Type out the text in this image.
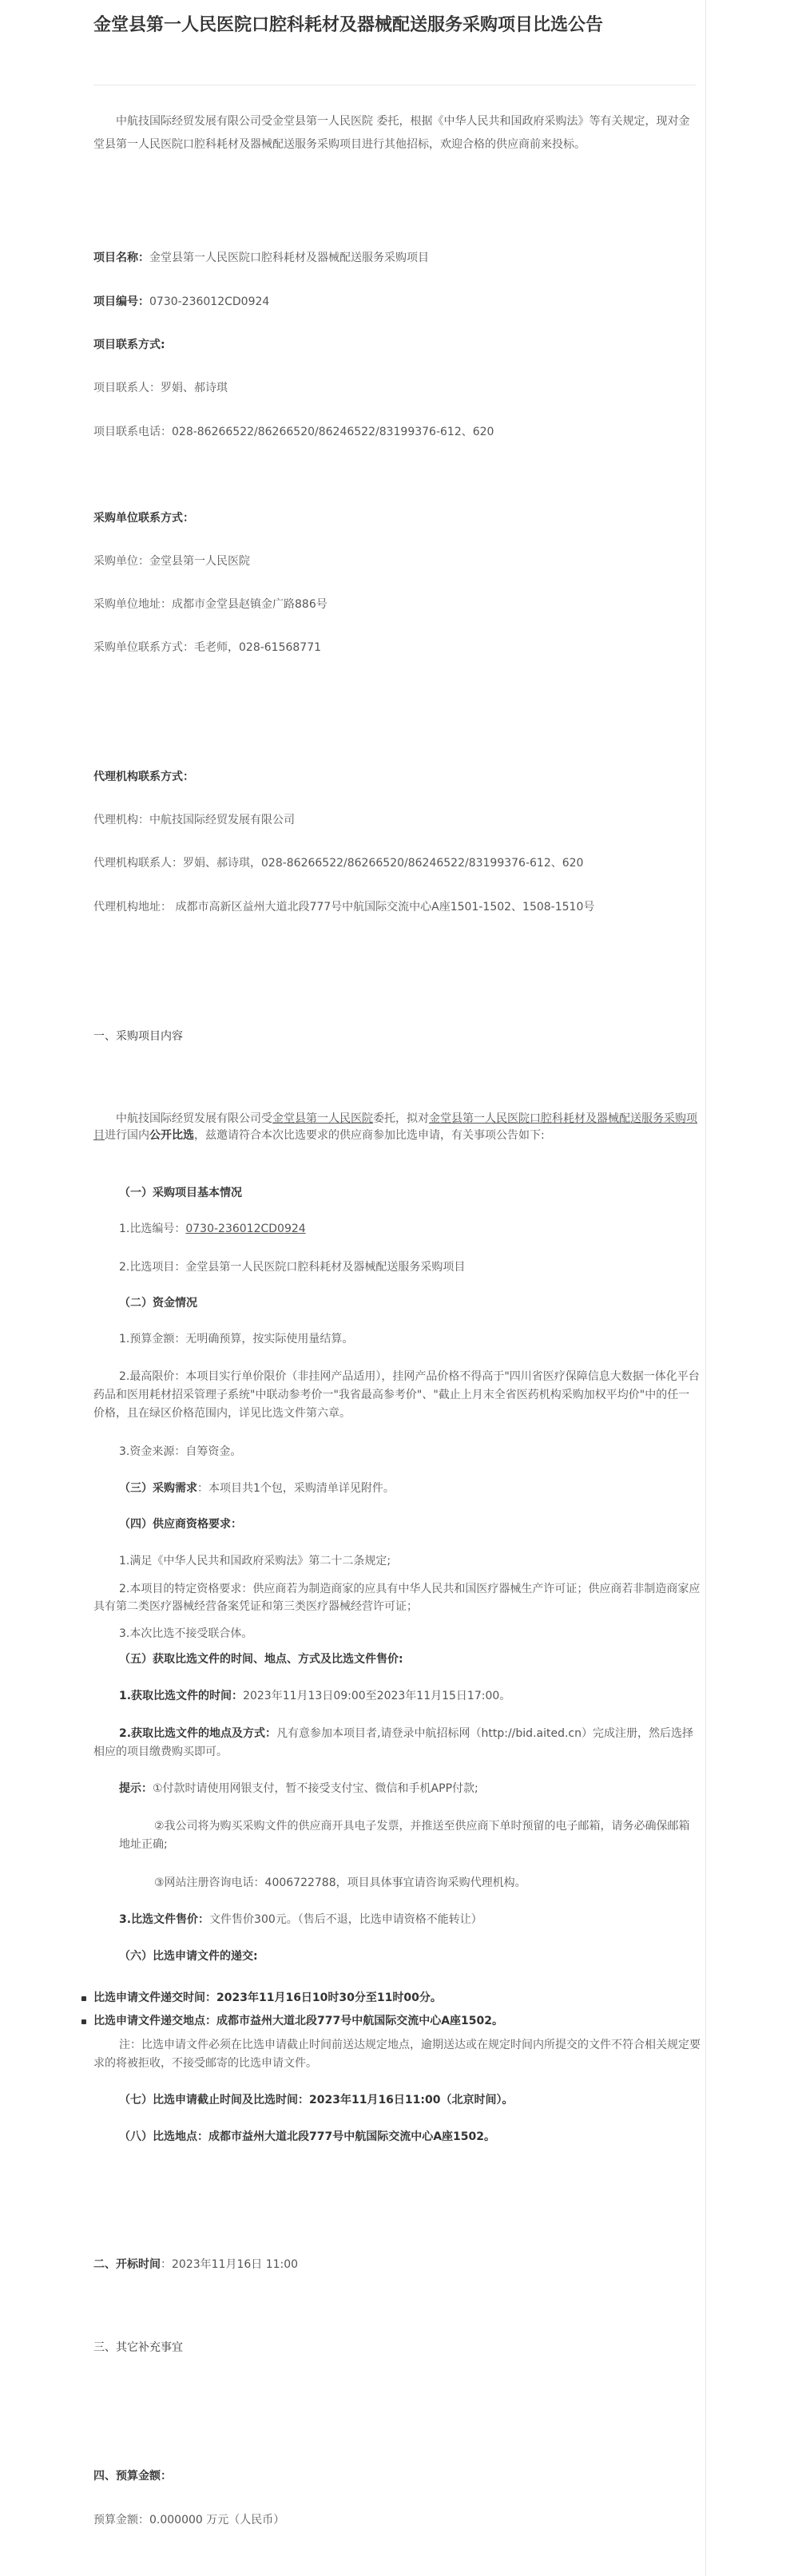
金堂县第一人民医院口腔科耗材及器械配送服务采购项目比选公告

中航技国际经贸发展有限公司受金堂县第一人民医院 委托，根据《中华人民共和国政府采购法》等有关规定，现对金堂县第一人民医院口腔科耗材及器械配送服务采购项目进行其他招标，欢迎合格的供应商前来投标。

项目名称：金堂县第一人民医院口腔科耗材及器械配送服务采购项目

项目编号：0730-236012CD0924

项目联系方式:

项目联系人：罗娟、郝诗琪

项目联系电话：028-86266522/86266520/86246522/83199376-612、620

采购单位联系方式：

采购单位：金堂县第一人民医院

采购单位地址：成都市金堂县赵镇金广路886号

采购单位联系方式：毛老师，028-61568771

代理机构联系方式：

代理机构：中航技国际经贸发展有限公司

代理机构联系人：罗娟、郝诗琪，028-86266522/86266520/86246522/83199376-612、620

代理机构地址： 成都市高新区益州大道北段777号中航国际交流中心A座1501-1502、1508-1510号

一、采购项目内容

中航技国际经贸发展有限公司受金堂县第一人民医院委托，拟对金堂县第一人民医院口腔科耗材及器械配送服务采购项目进行国内公开比选，兹邀请符合本次比选要求的供应商参加比选申请，有关事项公告如下:

（一）采购项目基本情况

1.比选编号：0730-236012CD0924

2.比选项目：金堂县第一人民医院口腔科耗材及器械配送服务采购项目

（二）资金情况

1.预算金额：无明确预算，按实际使用量结算。

2.最高限价：本项目实行单价限价（非挂网产品适用），挂网产品价格不得高于"四川省医疗保障信息大数据一体化平台药品和医用耗材招采管理子系统"中联动参考价一"我省最高参考价"、"截止上月末全省医药机构采购加权平均价"中的任一价格，且在绿区价格范围内，详见比选文件第六章。

3.资金来源：自筹资金。

（三）采购需求：本项目共1个包，采购清单详见附件。

（四）供应商资格要求：

1.满足《中华人民共和国政府采购法》第二十二条规定;

2.本项目的特定资格要求：供应商若为制造商家的应具有中华人民共和国医疗器械生产许可证；供应商若非制造商家应具有第二类医疗器械经营备案凭证和第三类医疗器械经营许可证；

3.本次比选不接受联合体。

（五）获取比选文件的时间、地点、方式及比选文件售价:

1.获取比选文件的时间：2023年11月13日09:00至2023年11月15日17:00。

2.获取比选文件的地点及方式：凡有意参加本项目者,请登录中航招标网（http://bid.aited.cn）完成注册，然后选择相应的项目缴费购买即可。

提示：①付款时请使用网银支付，暂不接受支付宝、微信和手机APP付款;

②我公司将为购买采购文件的供应商开具电子发票，并推送至供应商下单时预留的电子邮箱，请务必确保邮箱地址正确;

③网站注册咨询电话：4006722788，项目具体事宜请咨询采购代理机构。

3.比选文件售价：文件售价300元。（售后不退，比选申请资格不能转让）

（六）比选申请文件的递交:

比选申请文件递交时间：2023年11月16日10时30分至11时00分。

比选申请文件递交地点：成都市益州大道北段777号中航国际交流中心A座1502。

注：比选申请文件必须在比选申请截止时间前送达规定地点，逾期送达或在规定时间内所提交的文件不符合相关规定要求的将被拒收，不接受邮寄的比选申请文件。

（七）比选申请截止时间及比选时间：2023年11月16日11:00（北京时间）。

（八）比选地点：成都市益州大道北段777号中航国际交流中心A座1502。

二、开标时间：2023年11月16日 11:00

三、其它补充事宜

四、预算金额：

预算金额：0.000000 万元（人民币）
